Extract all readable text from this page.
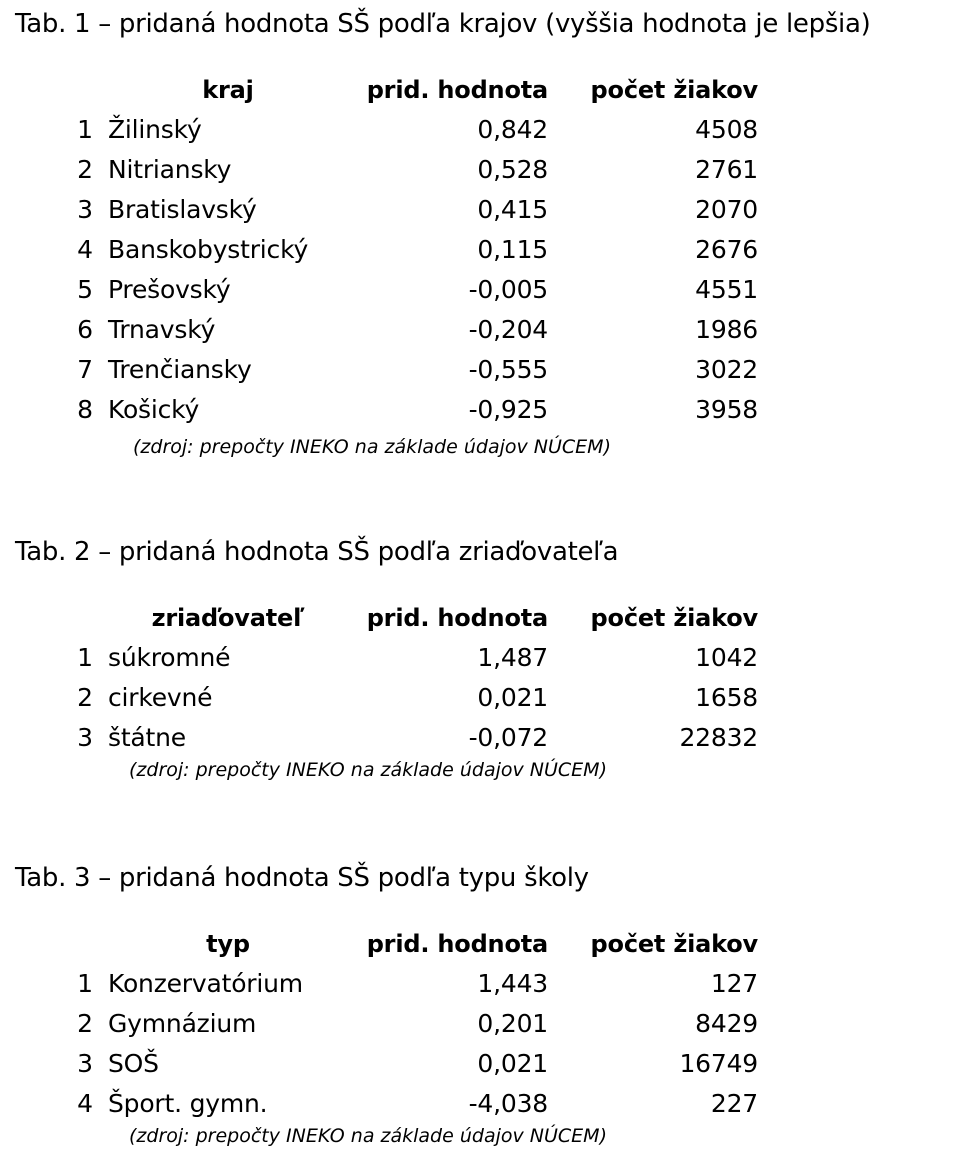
Tab. 1 – pridaná hodnota SŠ podľa krajov (vyššia hodnota je lepšia)
	kraj	prid. hodnota	počet žiakov
1	Žilinský	0,842	4508
2	Nitriansky	0,528	2761
3	Bratislavský	0,415	2070
4	Banskobystrický	0,115	2676
5	Prešovský	-0,005	4551
6	Trnavský	-0,204	1986
7	Trenčiansky	-0,555	3022
8	Košický	-0,925	3958
(zdroj: prepočty INEKO na základe údajov NÚCEM)
Tab. 2 – pridaná hodnota SŠ podľa zriaďovateľa
	zriaďovateľ	prid. hodnota	počet žiakov
1	súkromné	1,487	1042
2	cirkevné	0,021	1658
3	štátne	-0,072	22832
(zdroj: prepočty INEKO na základe údajov NÚCEM)
Tab. 3 – pridaná hodnota SŠ podľa typu školy
	typ	prid. hodnota	počet žiakov
1	Konzervatórium	1,443	127
2	Gymnázium	0,201	8429
3	SOŠ	0,021	16749
4	Šport. gymn.	-4,038	227
(zdroj: prepočty INEKO na základe údajov NÚCEM)
